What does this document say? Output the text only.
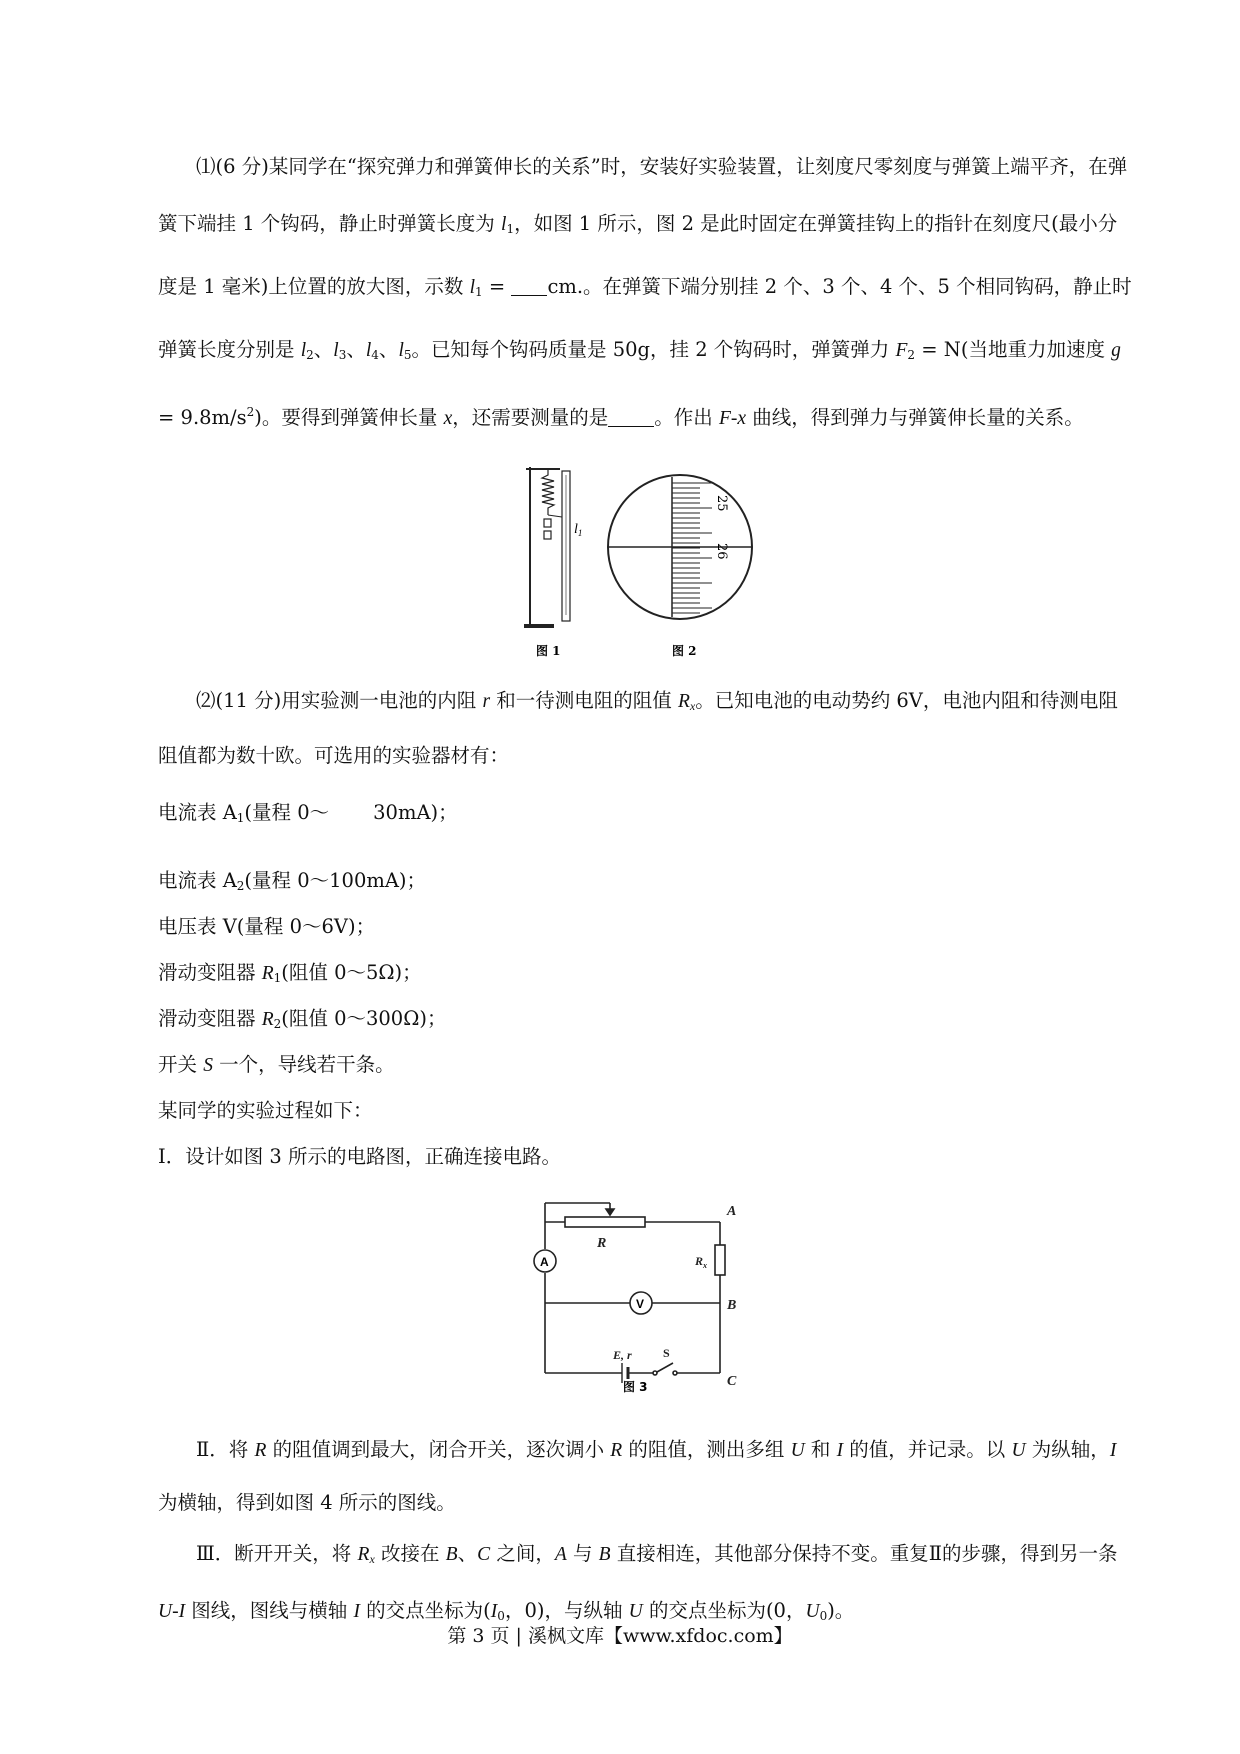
⑴(6 分)某同学在“探究弹力和弹簧伸长的关系”时，安装好实验装置，让刻度尺零刻度与弹簧上端平齐，在弹簧下端挂 1 个钩码，静止时弹簧长度为 $l_1$，如图 1 所示，图 2 是此时固定在弹簧挂钩上的指针在刻度尺(最小分度是 1 毫米)上位置的放大图，示数 $l_1$ = cm.。在弹簧下端分别挂 2 个、3 个、4 个、5 个相同钩码，静止时弹簧长度分别是 $l_2$、$l_3$、$l_4$、$l_5$。已知每个钩码质量是 50g，挂 2 个钩码时，弹簧弹力 $F_2 = N$(当地重力加速度 $g = 9.8m/s^2$)。要得到弹簧伸长量 x，还需要测量的是 。作出 F-x 曲线，得到弹力与弹簧伸长量的关系。

$l_1$
25
26
图 1	图 2

⑵(11 分)用实验测一电池的内阻 r 和一待测电阻的阻值 $R_x$。已知电池的电动势约 6V，电池内阻和待测电阻阻值都为数十欧。可选用的实验器材有：

电流表 $A_1$(量程 0～ 30mA)；

电流表 $A_2$(量程 0～100mA)；

电压表 V(量程 0～6V)；

滑动变阻器 $R_1$(阻值 0～5Ω)；

滑动变阻器 $R_2$(阻值 0～300Ω)；

开关 S 一个，导线若干条。

某同学的实验过程如下：

Ⅰ．设计如图 3 所示的电路图，正确连接电路。

R
A
$R_x$
B
C
E, r	S
A
V
图 3

Ⅱ．将 R 的阻值调到最大，闭合开关，逐次调小 R 的阻值，测出多组 U 和 I 的值，并记录。以 U 为纵轴，I 为横轴，得到如图 4 所示的图线。

Ⅲ．断开开关，将 $R_x$ 改接在 B、C 之间，A 与 B 直接相连，其他部分保持不变。重复Ⅱ的步骤，得到另一条 U-I 图线，图线与横轴 I 的交点坐标为($I_0$，0)，与纵轴 U 的交点坐标为(0，$U_0$)。

第 3 页 | 溪枫文库【www.xfdoc.com】
